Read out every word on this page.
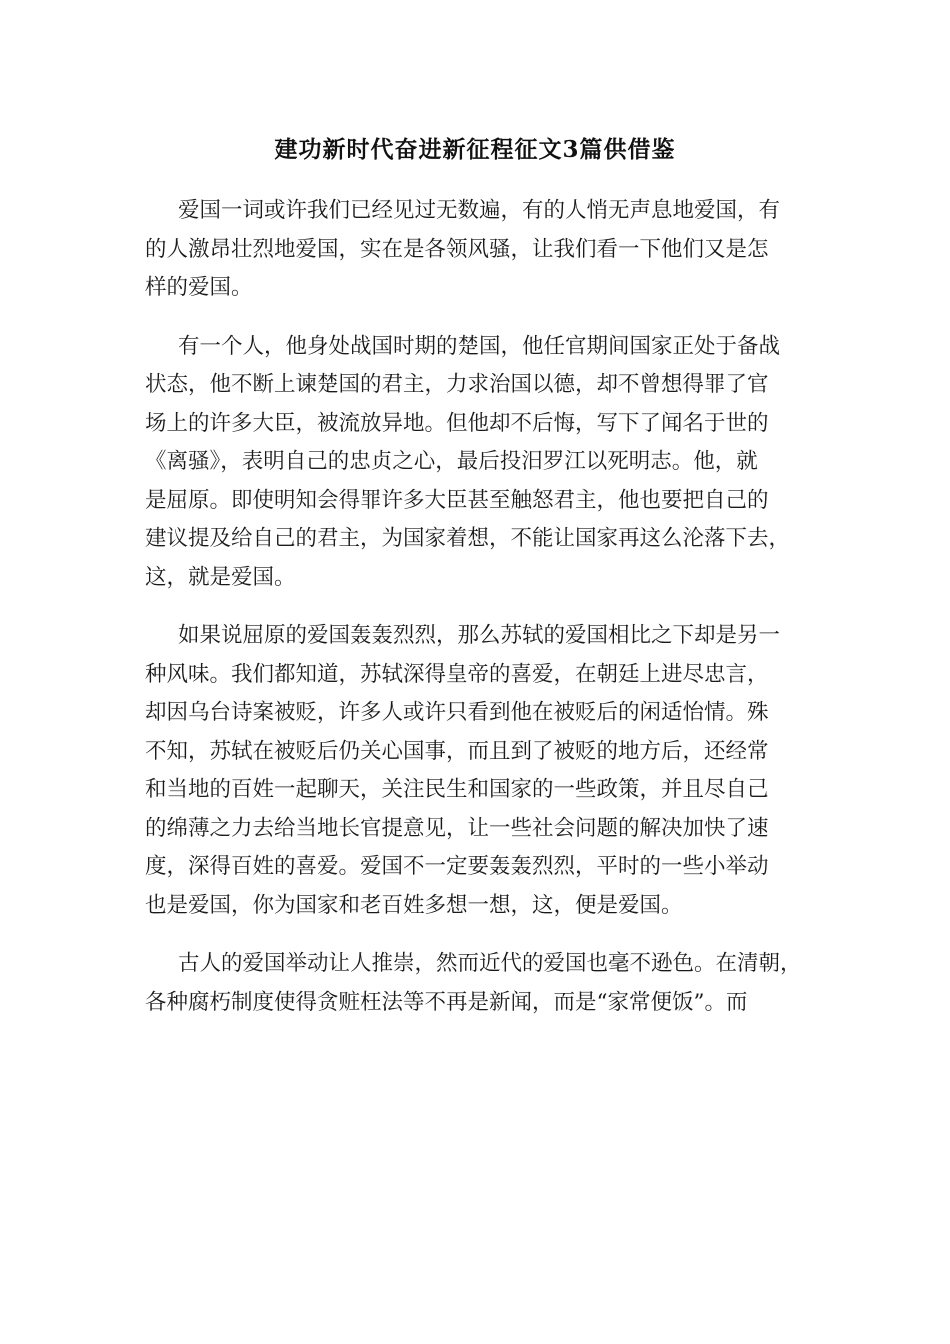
建功新时代奋进新征程征文3篇供借鉴
爱国一词或许我们已经见过无数遍，有的人悄无声息地爱国，有
的人激昂壮烈地爱国，实在是各领风骚，让我们看一下他们又是怎
样的爱国。
有一个人，他身处战国时期的楚国，他任官期间国家正处于备战
状态，他不断上谏楚国的君主，力求治国以德，却不曾想得罪了官
场上的许多大臣，被流放异地。但他却不后悔，写下了闻名于世的
《离骚》，表明自己的忠贞之心，最后投汨罗江以死明志。他，就
是屈原。即使明知会得罪许多大臣甚至触怒君主，他也要把自己的
建议提及给自己的君主，为国家着想，不能让国家再这么沦落下去，
这，就是爱国。
如果说屈原的爱国轰轰烈烈，那么苏轼的爱国相比之下却是另一
种风味。我们都知道，苏轼深得皇帝的喜爱，在朝廷上进尽忠言，
却因乌台诗案被贬，许多人或许只看到他在被贬后的闲适怡情。殊
不知，苏轼在被贬后仍关心国事，而且到了被贬的地方后，还经常
和当地的百姓一起聊天，关注民生和国家的一些政策，并且尽自己
的绵薄之力去给当地长官提意见，让一些社会问题的解决加快了速
度，深得百姓的喜爱。爱国不一定要轰轰烈烈，平时的一些小举动
也是爱国，你为国家和老百姓多想一想，这，便是爱国。
古人的爱国举动让人推崇，然而近代的爱国也毫不逊色。在清朝，
各种腐朽制度使得贪赃枉法等不再是新闻，而是“家常便饭”。而
